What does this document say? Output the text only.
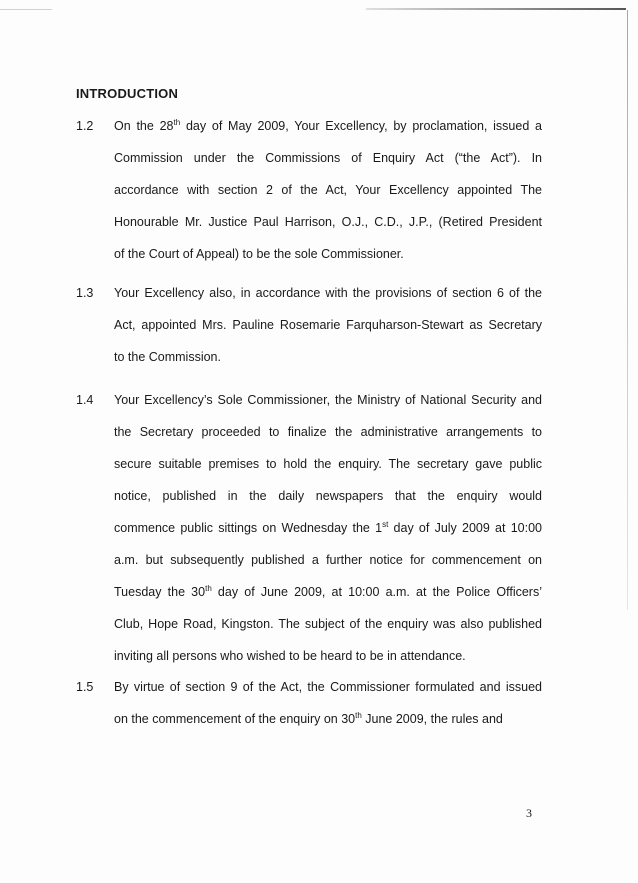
INTRODUCTION
1.2 On the 28th day of May 2009, Your Excellency, by proclamation, issued a
Commission under the Commissions of Enquiry Act (“the Act”). In
accordance with section 2 of the Act, Your Excellency appointed The
Honourable Mr. Justice Paul Harrison, O.J., C.D., J.P., (Retired President
of the Court of Appeal) to be the sole Commissioner.
1.3 Your Excellency also, in accordance with the provisions of section 6 of the
Act, appointed Mrs. Pauline Rosemarie Farquharson-Stewart as Secretary
to the Commission.
1.4 Your Excellency’s Sole Commissioner, the Ministry of National Security and
the Secretary proceeded to finalize the administrative arrangements to
secure suitable premises to hold the enquiry. The secretary gave public
notice, published in the daily newspapers that the enquiry would
commence public sittings on Wednesday the 1st day of July 2009 at 10:00
a.m. but subsequently published a further notice for commencement on
Tuesday the 30th day of June 2009, at 10:00 a.m. at the Police Officers’
Club, Hope Road, Kingston. The subject of the enquiry was also published
inviting all persons who wished to be heard to be in attendance.
1.5 By virtue of section 9 of the Act, the Commissioner formulated and issued
on the commencement of the enquiry on 30th June 2009, the rules and
3
